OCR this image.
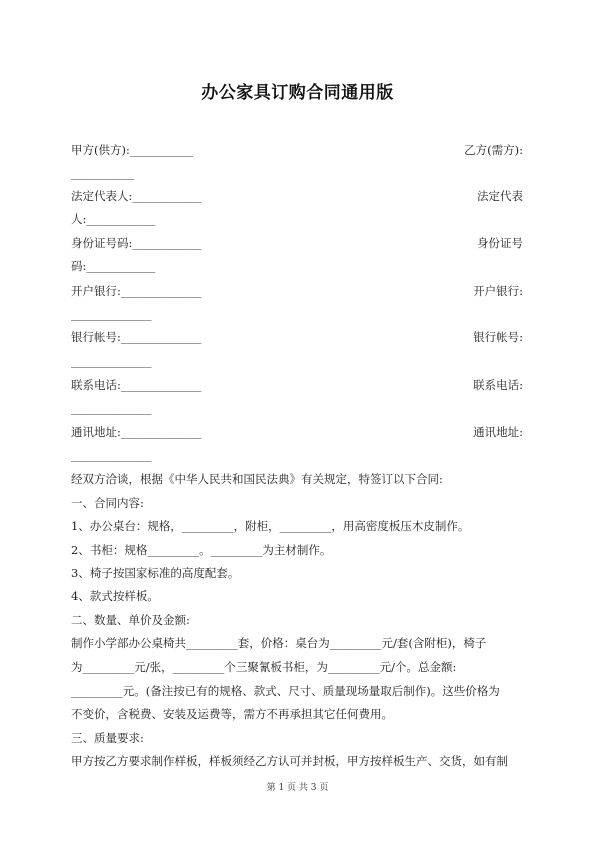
办公家具订购合同通用版
甲方(供方):___________	乙方(需方):
___________
法定代表人:____________	法定代表
人:____________
身份证号码:____________	身份证号
码:____________
开户银行:______________	开户银行:
______________
银行帐号:______________	银行帐号:
______________
联系电话:______________	联系电话:
______________
通讯地址:______________	通讯地址:
______________
经双方洽谈，根据《中华人民共和国民法典》有关规定，特签订以下合同:
一、合同内容:
1、办公桌台：规格，_________，附柜，_________，用高密度板压木皮制作。
2、书柜：规格_________。_________为主材制作。
3、椅子按国家标准的高度配套。
4、款式按样板。
二、数量、单价及金额:
制作小学部办公桌椅共_________套，价格：桌台为_________元/套(含附柜)，椅子
为_________元/张，_________个三聚氰板书柜，为_________元/个。总金额:
_________元。(备注按已有的规格、款式、尺寸、质量现场量取后制作)。这些价格为
不变价，含税费、安装及运费等，需方不再承担其它任何费用。
三、质量要求:
甲方按乙方要求制作样板，样板须经乙方认可并封板，甲方按样板生产、交货，如有制
第 1 页 共 3 页
